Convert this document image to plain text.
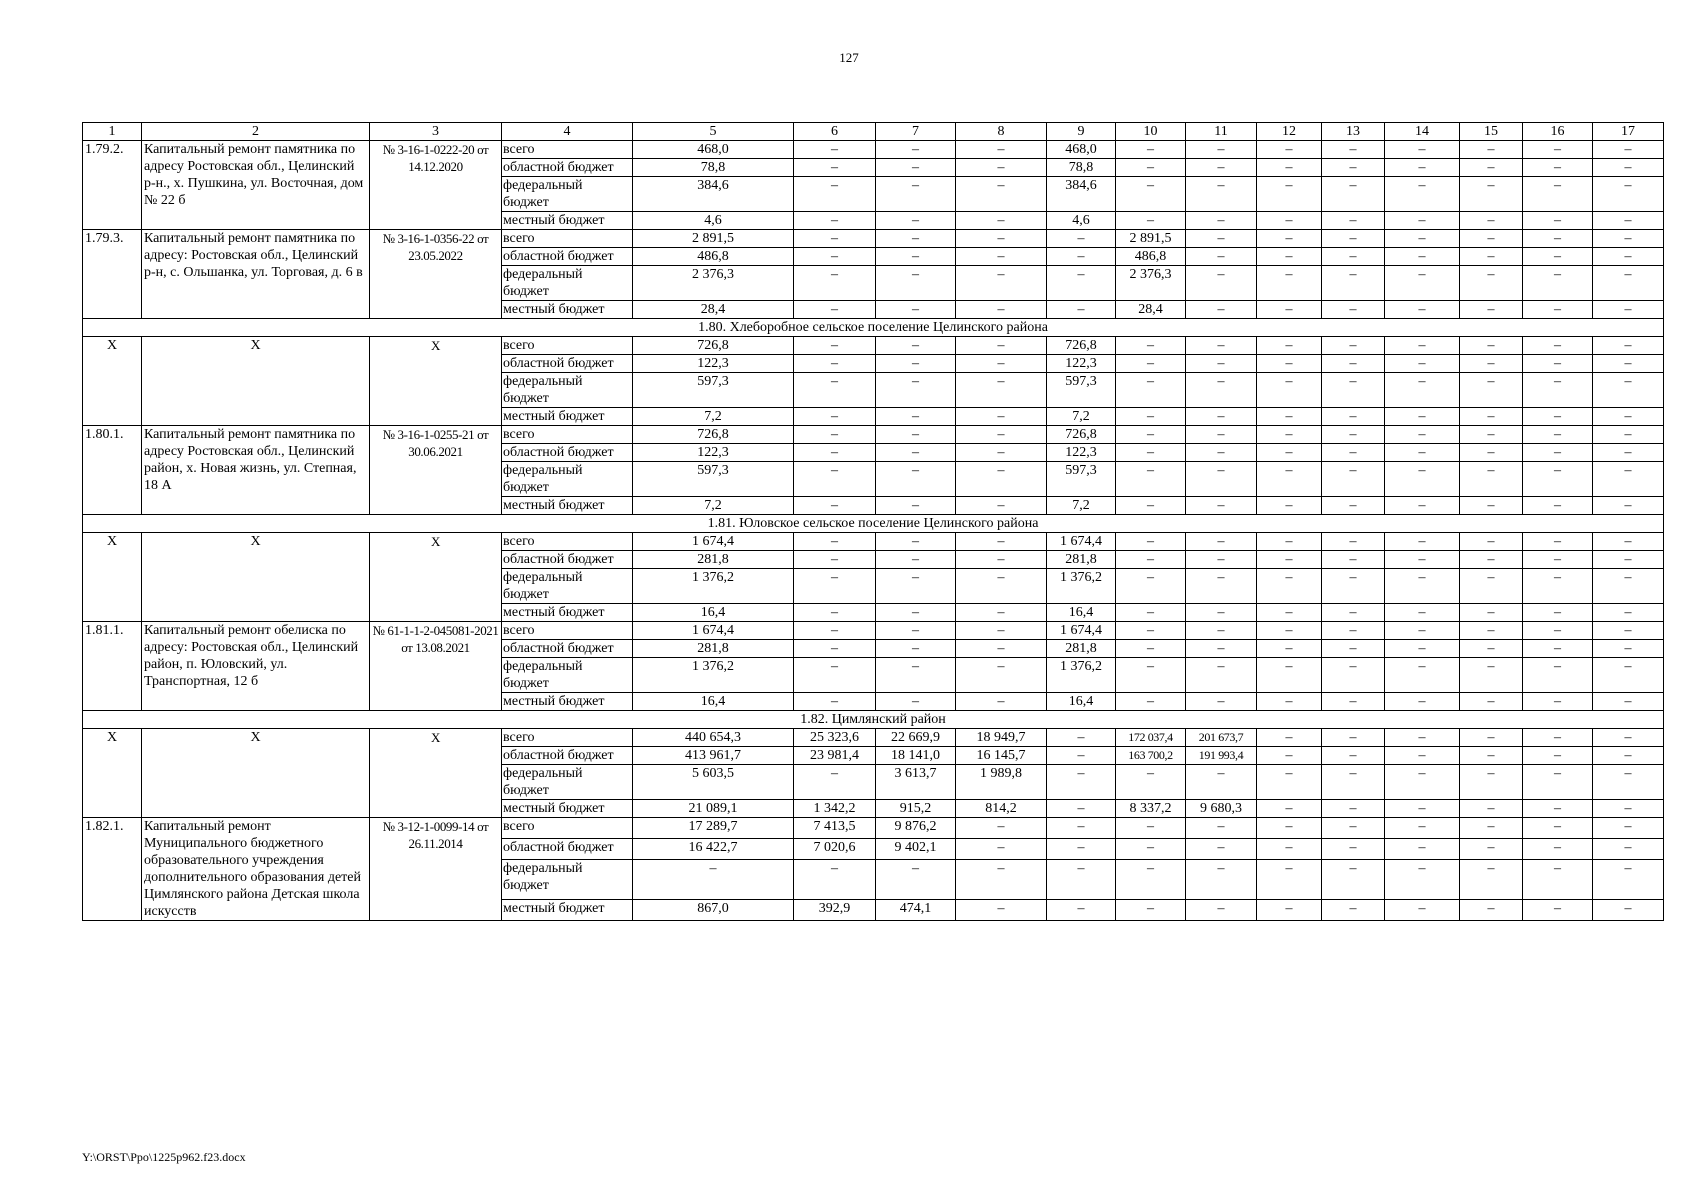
127
1	2	3	4	5	6	7	8	9	10	11	12	13	14	15	16	17
1.79.2.	Капитальный ремонт памятника по адресу Ростовская обл., Целинский р-н., х. Пушкина, ул. Восточная, дом № 22 б	№ 3-16-1-0222-20 от 14.12.2020	всего	468,0	–	–	–	468,0	–	–	–	–	–	–	–	–
			областной бюджет	78,8	–	–	–	78,8	–	–	–	–	–	–	–	–
			федеральный бюджет	384,6	–	–	–	384,6	–	–	–	–	–	–	–	–
			местный бюджет	4,6	–	–	–	4,6	–	–	–	–	–	–	–	–
1.79.3.	Капитальный ремонт памятника по адресу: Ростовская обл., Целинский р-н, с. Ольшанка, ул. Торговая, д. 6 в	№ 3-16-1-0356-22 от 23.05.2022	всего	2 891,5	–	–	–	–	2 891,5	–	–	–	–	–	–	–
			областной бюджет	486,8	–	–	–	–	486,8	–	–	–	–	–	–	–
			федеральный бюджет	2 376,3	–	–	–	–	2 376,3	–	–	–	–	–	–	–
			местный бюджет	28,4	–	–	–	–	28,4	–	–	–	–	–	–	–
1.80. Хлеборобное сельское поселение Целинского района																
Х	Х	Х	всего	726,8	–	–	–	726,8	–	–	–	–	–	–	–	–
			областной бюджет	122,3	–	–	–	122,3	–	–	–	–	–	–	–	–
			федеральный бюджет	597,3	–	–	–	597,3	–	–	–	–	–	–	–	–
			местный бюджет	7,2	–	–	–	7,2	–	–	–	–	–	–	–	–
1.80.1.	Капитальный ремонт памятника по адресу Ростовская обл., Целинский район, х. Новая жизнь, ул. Степная, 18 А	№ 3-16-1-0255-21 от 30.06.2021	всего	726,8	–	–	–	726,8	–	–	–	–	–	–	–	–
			областной бюджет	122,3	–	–	–	122,3	–	–	–	–	–	–	–	–
			федеральный бюджет	597,3	–	–	–	597,3	–	–	–	–	–	–	–	–
			местный бюджет	7,2	–	–	–	7,2	–	–	–	–	–	–	–	–
1.81. Юловское сельское поселение Целинского района																
Х	Х	Х	всего	1 674,4	–	–	–	1 674,4	–	–	–	–	–	–	–	–
			областной бюджет	281,8	–	–	–	281,8	–	–	–	–	–	–	–	–
			федеральный бюджет	1 376,2	–	–	–	1 376,2	–	–	–	–	–	–	–	–
			местный бюджет	16,4	–	–	–	16,4	–	–	–	–	–	–	–	–
1.81.1.	Капитальный ремонт обелиска по адресу: Ростовская обл., Целинский район, п. Юловский, ул. Транспортная, 12 б	№ 61-1-1-2-045081-2021 от 13.08.2021	всего	1 674,4	–	–	–	1 674,4	–	–	–	–	–	–	–	–
			областной бюджет	281,8	–	–	–	281,8	–	–	–	–	–	–	–	–
			федеральный бюджет	1 376,2	–	–	–	1 376,2	–	–	–	–	–	–	–	–
			местный бюджет	16,4	–	–	–	16,4	–	–	–	–	–	–	–	–
1.82. Цимлянский район																
Х	Х	Х	всего	440 654,3	25 323,6	22 669,9	18 949,7	–	172 037,4	201 673,7	–	–	–	–	–	–
			областной бюджет	413 961,7	23 981,4	18 141,0	16 145,7	–	163 700,2	191 993,4	–	–	–	–	–	–
			федеральный бюджет	5 603,5	–	3 613,7	1 989,8	–	–	–	–	–	–	–	–	–
			местный бюджет	21 089,1	1 342,2	915,2	814,2	–	8 337,2	9 680,3	–	–	–	–	–	–
1.82.1.	Капитальный ремонт Муниципального бюджетного образовательного учреждения дополнительного образования детей Цимлянского района Детская школа искусств	№ 3-12-1-0099-14 от 26.11.2014	всего	17 289,7	7 413,5	9 876,2	–	–	–	–	–	–	–	–	–	–
			областной бюджет	16 422,7	7 020,6	9 402,1	–	–	–	–	–	–	–	–	–	–
			федеральный бюджет	–	–	–	–	–	–	–	–	–	–	–	–	–
			местный бюджет	867,0	392,9	474,1	–	–	–	–	–	–	–	–	–	–
Y:\ORST\Ppo\1225p962.f23.docx
